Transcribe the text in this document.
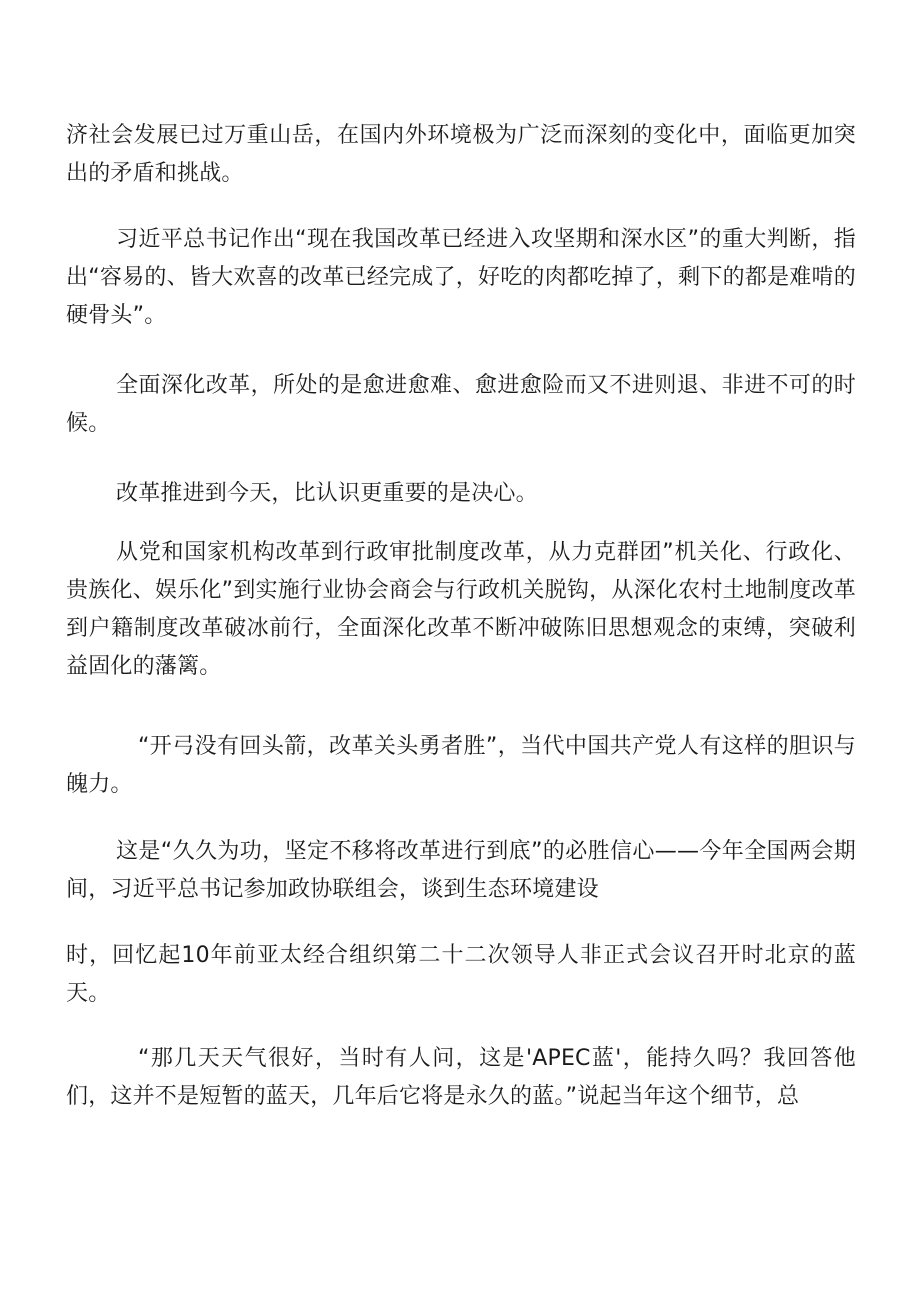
济社会发展已过万重山岳，在国内外环境极为广泛而深刻的变化中，面临更加突出的矛盾和挑战。

习近平总书记作出“现在我国改革已经进入攻坚期和深水区”的重大判断，指出“容易的、皆大欢喜的改革已经完成了，好吃的肉都吃掉了，剩下的都是难啃的硬骨头”。

全面深化改革，所处的是愈进愈难、愈进愈险而又不进则退、非进不可的时候。

改革推进到今天，比认识更重要的是决心。

从党和国家机构改革到行政审批制度改革，从力克群团”机关化、行政化、贵族化、娱乐化”到实施行业协会商会与行政机关脱钩，从深化农村土地制度改革到户籍制度改革破冰前行，全面深化改革不断冲破陈旧思想观念的束缚，突破利益固化的藩篱。

“开弓没有回头箭，改革关头勇者胜”，当代中国共产党人有这样的胆识与魄力。

这是“久久为功，坚定不移将改革进行到底”的必胜信心——今年全国两会期间，习近平总书记参加政协联组会，谈到生态环境建设

时，回忆起10年前亚太经合组织第二十二次领导人非正式会议召开时北京的蓝天。

“那几天天气很好，当时有人问，这是'APEC蓝'，能持久吗？我回答他们，这并不是短暂的蓝天，几年后它将是永久的蓝。”说起当年这个细节，总
